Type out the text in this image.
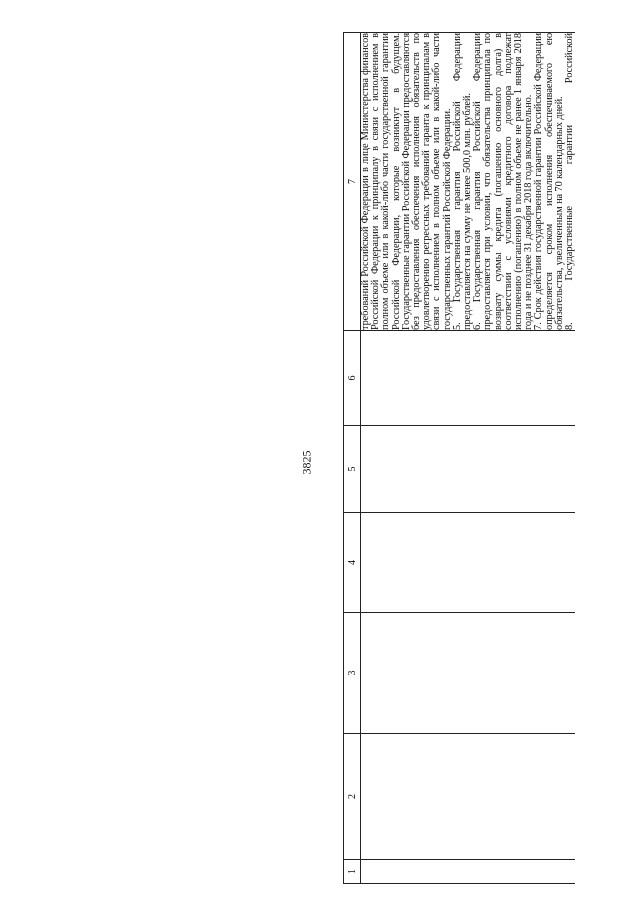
3825
1	2	3	4	5	6	7

						требований Российской Федерации в лице Министерства финансов Российской Федерации к принципалу в связи с исполнением в полном объеме или в какой-либо части государственной гарантии Российской Федерации, которые возникнут в будущем. Государственные гарантии Российской Федерации предоставляются без предоставления обеспечения исполнения обязательств по удовлетворению регрессных требований гаранта к принципалам в связи с исполнением в полном объеме или в какой-либо части государственных гарантий Российской Федерации. 5. Государственная гарантия Российской Федерации предоставляется на сумму не менее 500,0 млн. рублей. 6. Государственная гарантия Российской Федерации предоставляется при условии, что обязательства принципала по возврату суммы кредита (погашению основного долга) в соответствии с условиями кредитного договора подлежат исполнению (погашению) в полном объеме не ранее 1 января 2018 года и не позднее 31 декабря 2018 года включительно. 7. Срок действия государственной гарантии Российской Федерации определяется сроком исполнения обеспечиваемого ею обязательства, увеличенным на 70 календарных дней. 8. Государственные гарантии Российской
